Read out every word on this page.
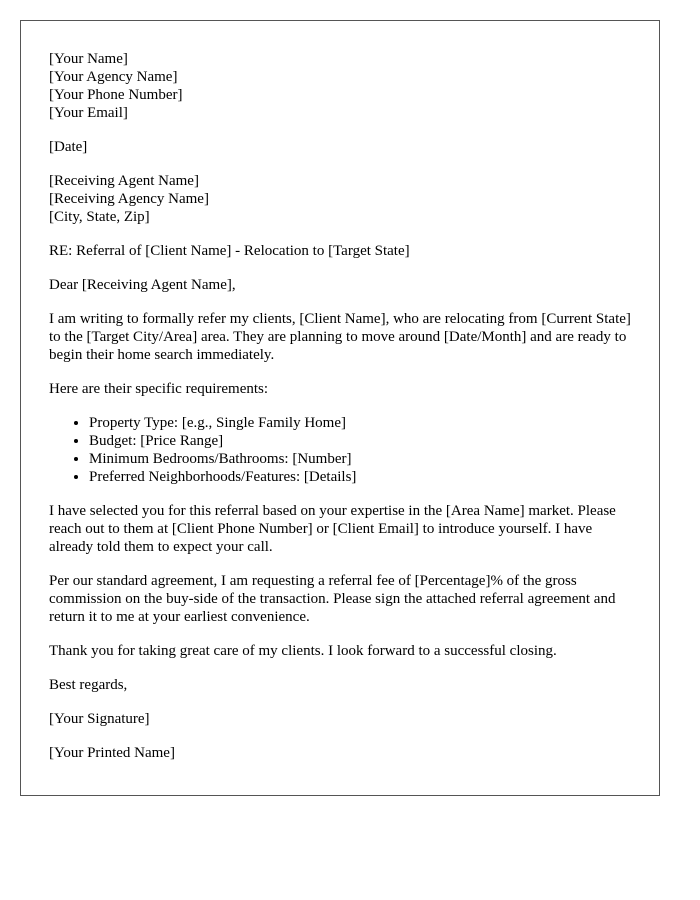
[Your Name]
[Your Agency Name]
[Your Phone Number]
[Your Email]
[Date]
[Receiving Agent Name]
[Receiving Agency Name]
[City, State, Zip]

RE: Referral of [Client Name] - Relocation to [Target State]

Dear [Receiving Agent Name],

I am writing to formally refer my clients, [Client Name], who are relocating from [Current State] to the [Target City/Area] area. They are planning to move around [Date/Month] and are ready to begin their home search immediately.

Here are their specific requirements:

• Property Type: [e.g., Single Family Home]
• Budget: [Price Range]
• Minimum Bedrooms/Bathrooms: [Number]
• Preferred Neighborhoods/Features: [Details]

I have selected you for this referral based on your expertise in the [Area Name] market. Please reach out to them at [Client Phone Number] or [Client Email] to introduce yourself. I have already told them to expect your call.

Per our standard agreement, I am requesting a referral fee of [Percentage]% of the gross commission on the buy-side of the transaction. Please sign the attached referral agreement and return it to me at your earliest convenience.

Thank you for taking great care of my clients. I look forward to a successful closing.

Best regards,

[Your Signature]

[Your Printed Name]
